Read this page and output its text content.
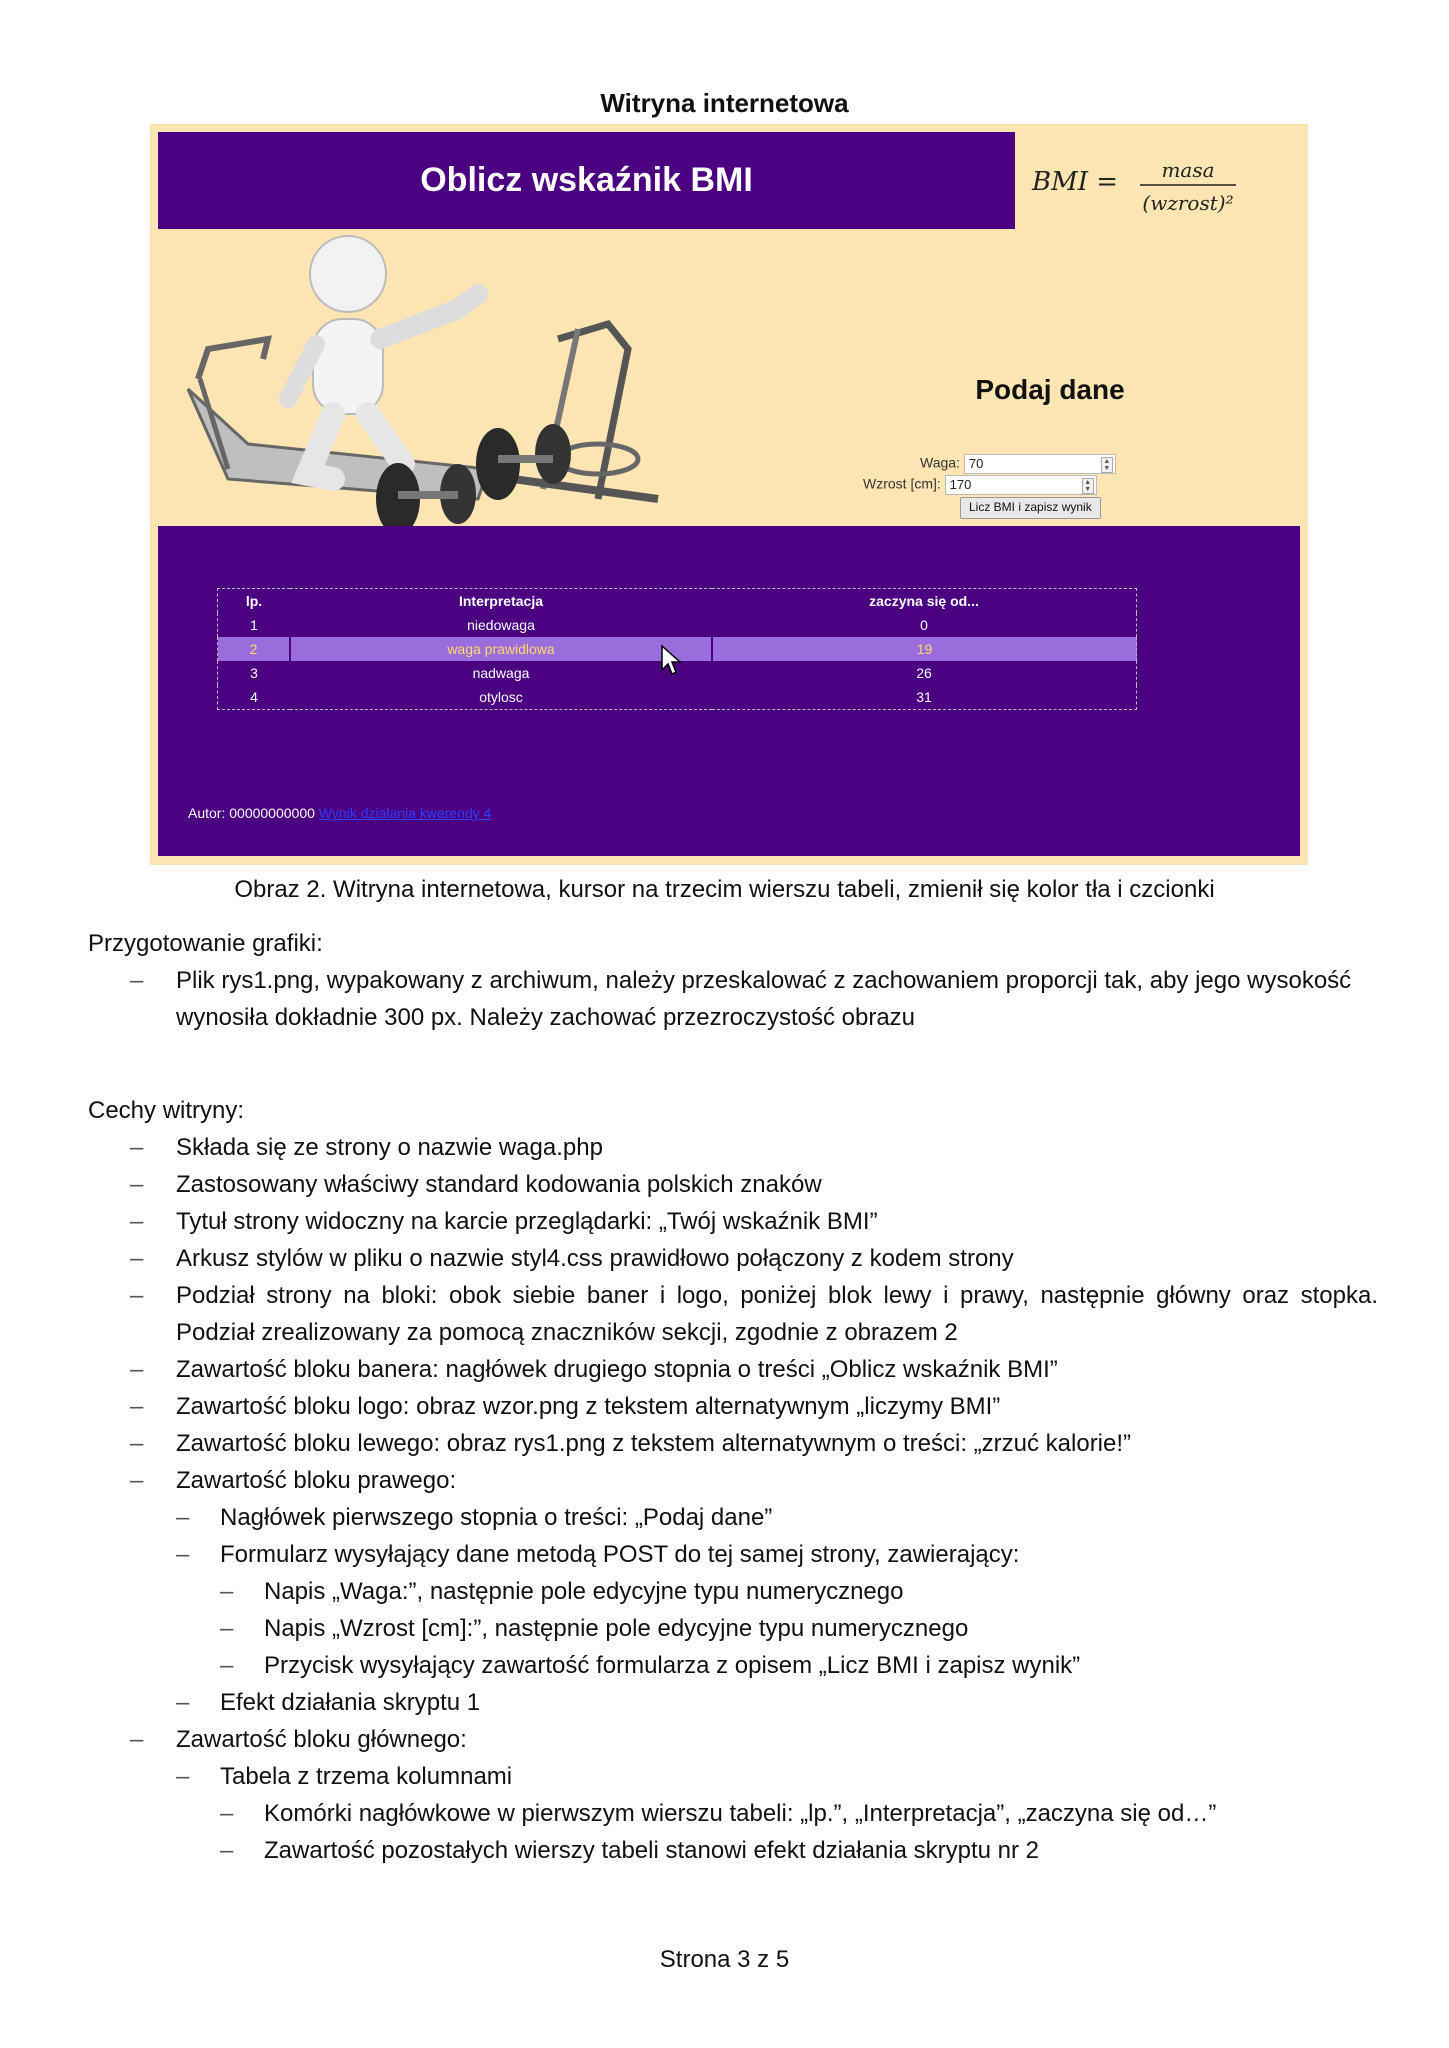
Witryna internetowa
Oblicz wskaźnik BMI	BMI = masa
(wzrost)²
Podaj dane
Waga: 70	▲
▼
Wzrost [cm]: 170	▲
▼
Licz BMI i zapisz wynik
lp.	Interpretacja	zaczyna się od...
1	niedowaga	0
2	waga prawidlowa	19
3	nadwaga	26
4	otylosc	31
Autor: 00000000000 Wynik działania kwerendy 4
Obraz 2. Witryna internetowa, kursor na trzecim wierszu tabeli, zmienił się kolor tła i czcionki
Przygotowanie grafiki:
– Plik rys1.png, wypakowany z archiwum, należy przeskalować z zachowaniem proporcji tak, aby jego wysokość wynosiła dokładnie 300 px. Należy zachować przezroczystość obrazu
Cechy witryny:
– Składa się ze strony o nazwie waga.php
– Zastosowany właściwy standard kodowania polskich znaków
– Tytuł strony widoczny na karcie przeglądarki: „Twój wskaźnik BMI”
– Arkusz stylów w pliku o nazwie styl4.css prawidłowo połączony z kodem strony
– Podział strony na bloki: obok siebie baner i logo, poniżej blok lewy i prawy, następnie główny oraz stopka. Podział zrealizowany za pomocą znaczników sekcji, zgodnie z obrazem 2
– Zawartość bloku banera: nagłówek drugiego stopnia o treści „Oblicz wskaźnik BMI”
– Zawartość bloku logo: obraz wzor.png z tekstem alternatywnym „liczymy BMI”
– Zawartość bloku lewego: obraz rys1.png z tekstem alternatywnym o treści: „zrzuć kalorie!”
– Zawartość bloku prawego:
– Nagłówek pierwszego stopnia o treści: „Podaj dane”
– Formularz wysyłający dane metodą POST do tej samej strony, zawierający:
– Napis „Waga:”, następnie pole edycyjne typu numerycznego
– Napis „Wzrost [cm]:”, następnie pole edycyjne typu numerycznego
– Przycisk wysyłający zawartość formularza z opisem „Licz BMI i zapisz wynik”
– Efekt działania skryptu 1
– Zawartość bloku głównego:
– Tabela z trzema kolumnami
– Komórki nagłówkowe w pierwszym wierszu tabeli: „lp.”, „Interpretacja”, „zaczyna się od…”
– Zawartość pozostałych wierszy tabeli stanowi efekt działania skryptu nr 2
Strona 3 z 5
